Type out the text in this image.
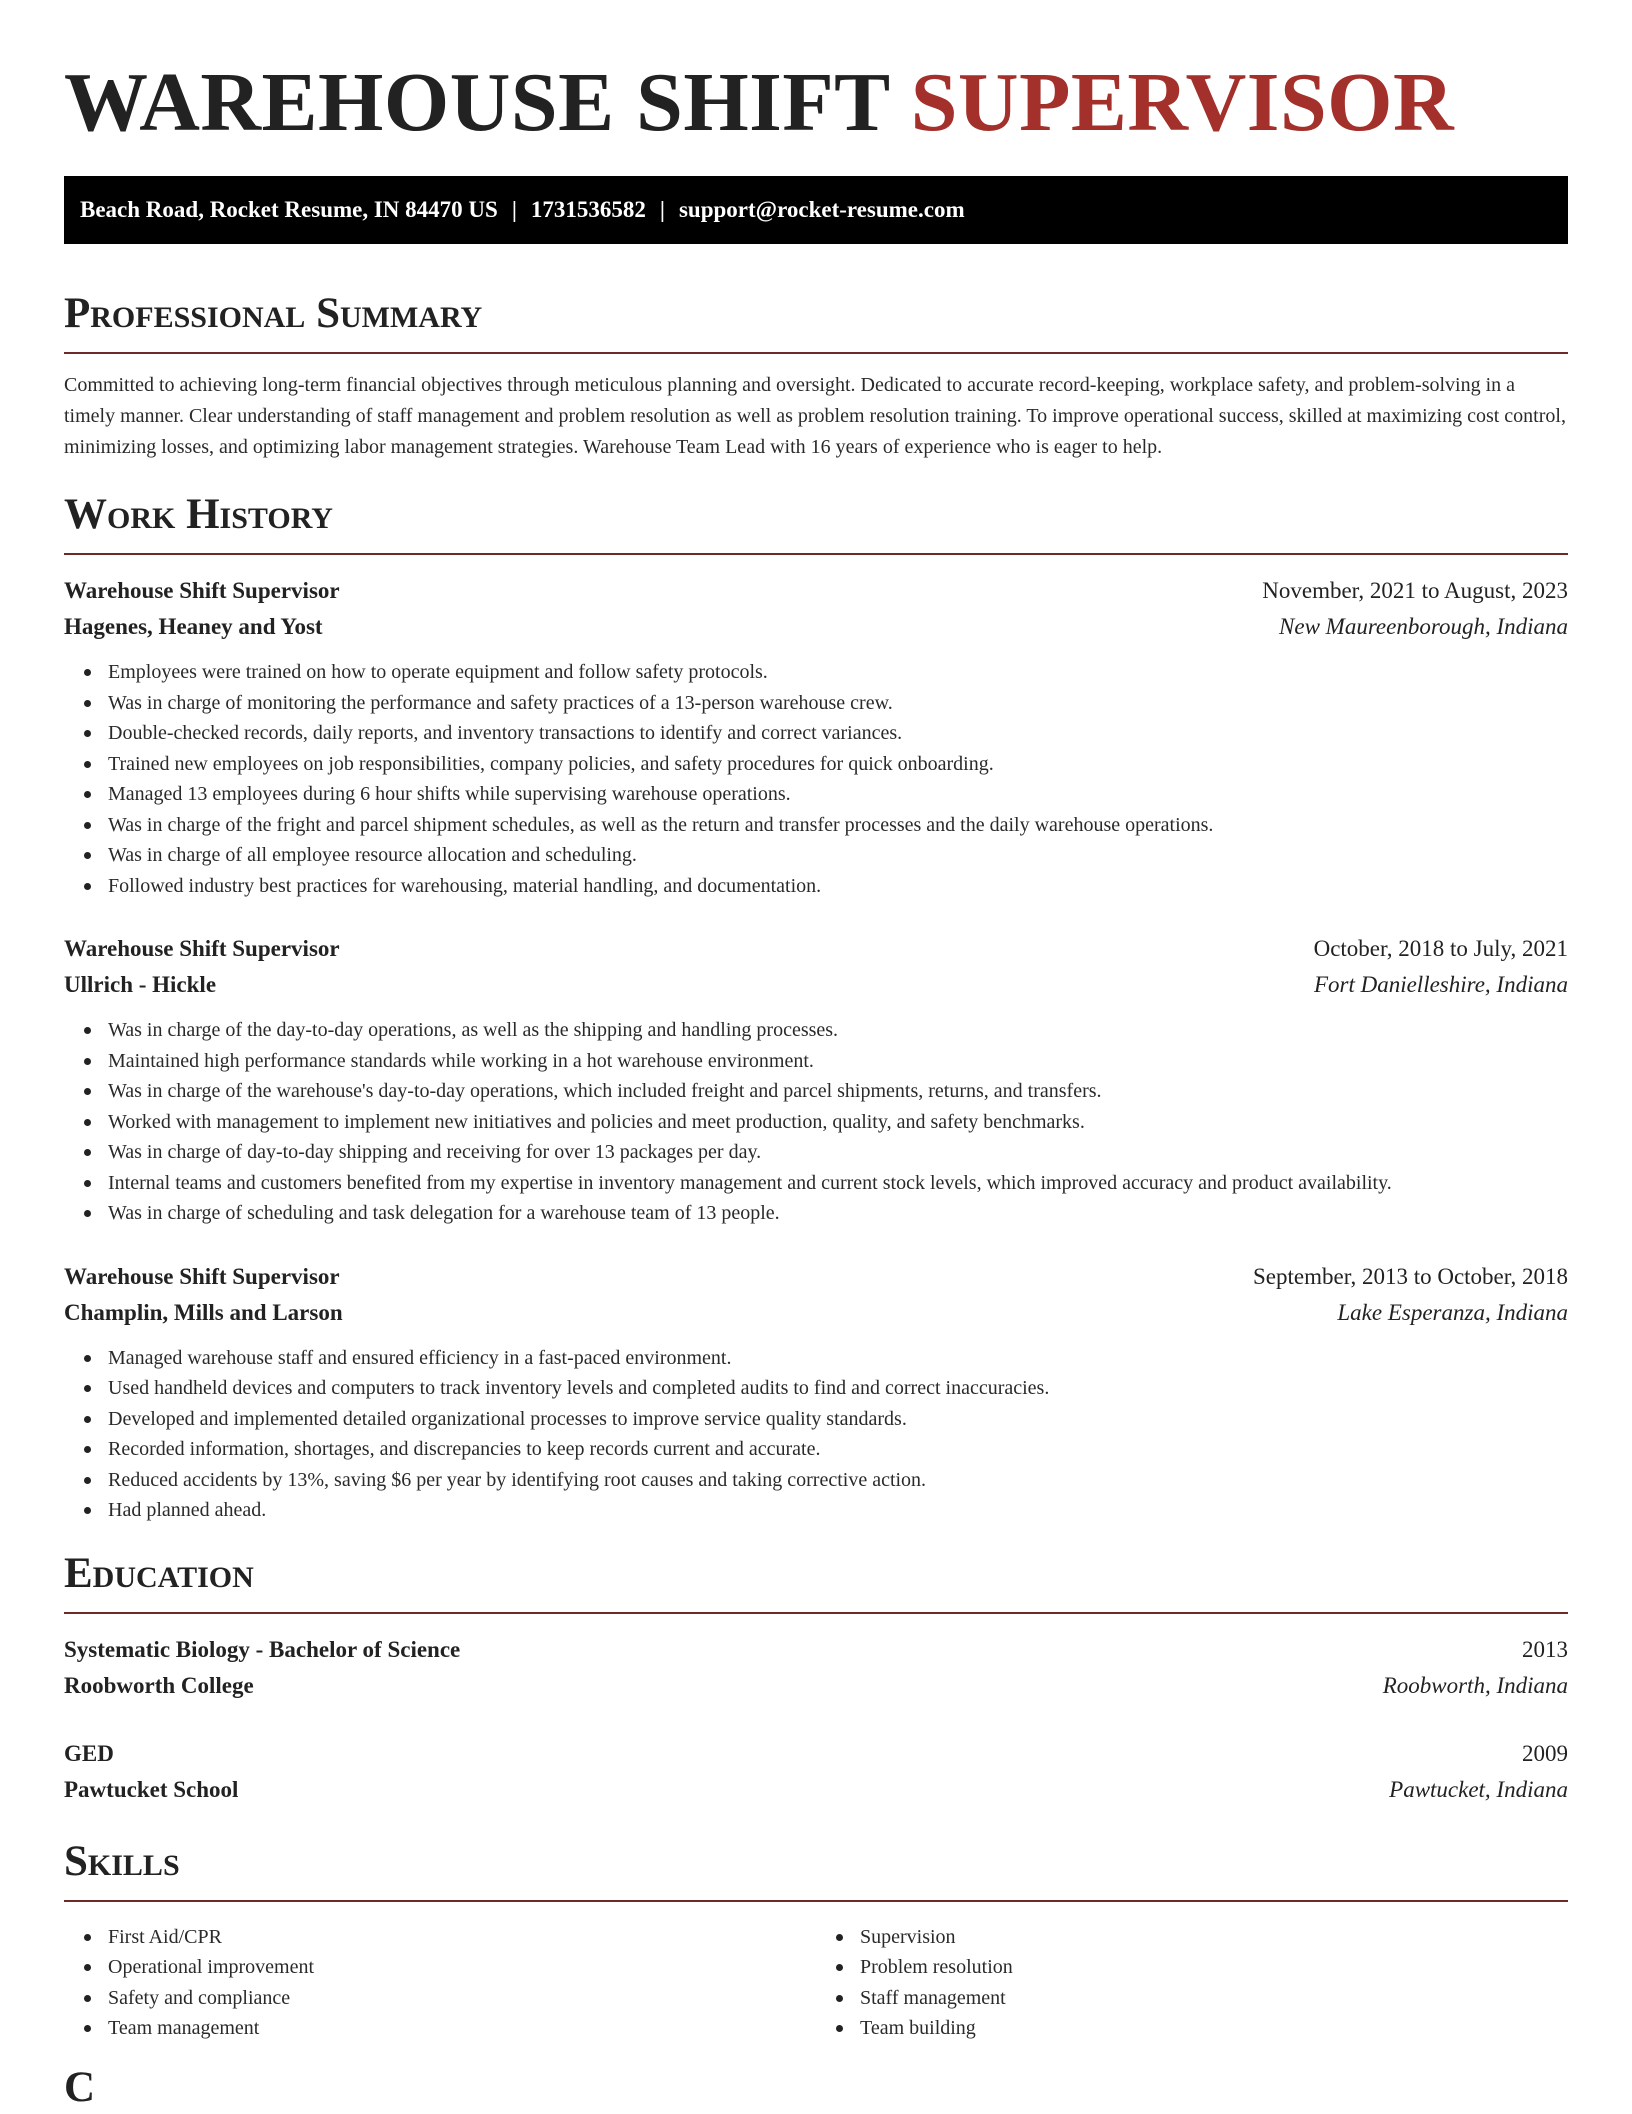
WAREHOUSE SHIFT SUPERVISOR
Beach Road, Rocket Resume, IN 84470 US | 1731536582 | support@rocket-resume.com
Professional Summary

Committed to achieving long-term financial objectives through meticulous planning and oversight. Dedicated to accurate record-keeping, workplace safety, and problem-solving in a timely manner. Clear understanding of staff management and problem resolution as well as problem resolution training. To improve operational success, skilled at maximizing cost control, minimizing losses, and optimizing labor management strategies. Warehouse Team Lead with 16 years of experience who is eager to help.

Work History
Warehouse Shift Supervisor	November, 2021 to August, 2023
Hagenes, Heaney and Yost	New Maureenborough, Indiana
Employees were trained on how to operate equipment and follow safety protocols.
Was in charge of monitoring the performance and safety practices of a 13-person warehouse crew.
Double-checked records, daily reports, and inventory transactions to identify and correct variances.
Trained new employees on job responsibilities, company policies, and safety procedures for quick onboarding.
Managed 13 employees during 6 hour shifts while supervising warehouse operations.
Was in charge of the fright and parcel shipment schedules, as well as the return and transfer processes and the daily warehouse operations.
Was in charge of all employee resource allocation and scheduling.
Followed industry best practices for warehousing, material handling, and documentation.
Warehouse Shift Supervisor	October, 2018 to July, 2021
Ullrich - Hickle	Fort Danielleshire, Indiana
Was in charge of the day-to-day operations, as well as the shipping and handling processes.
Maintained high performance standards while working in a hot warehouse environment.
Was in charge of the warehouse's day-to-day operations, which included freight and parcel shipments, returns, and transfers.
Worked with management to implement new initiatives and policies and meet production, quality, and safety benchmarks.
Was in charge of day-to-day shipping and receiving for over 13 packages per day.
Internal teams and customers benefited from my expertise in inventory management and current stock levels, which improved accuracy and product availability.
Was in charge of scheduling and task delegation for a warehouse team of 13 people.
Warehouse Shift Supervisor	September, 2013 to October, 2018
Champlin, Mills and Larson	Lake Esperanza, Indiana
Managed warehouse staff and ensured efficiency in a fast-paced environment.
Used handheld devices and computers to track inventory levels and completed audits to find and correct inaccuracies.
Developed and implemented detailed organizational processes to improve service quality standards.
Recorded information, shortages, and discrepancies to keep records current and accurate.
Reduced accidents by 13%, saving $6 per year by identifying root causes and taking corrective action.
Had planned ahead.
Education
Systematic Biology - Bachelor of Science	2013
Roobworth College	Roobworth, Indiana
GED	2009
Pawtucket School	Pawtucket, Indiana
Skills
First Aid/CPR
Operational improvement
Safety and compliance
Team management
Supervision
Problem resolution
Staff management
Team building
C
